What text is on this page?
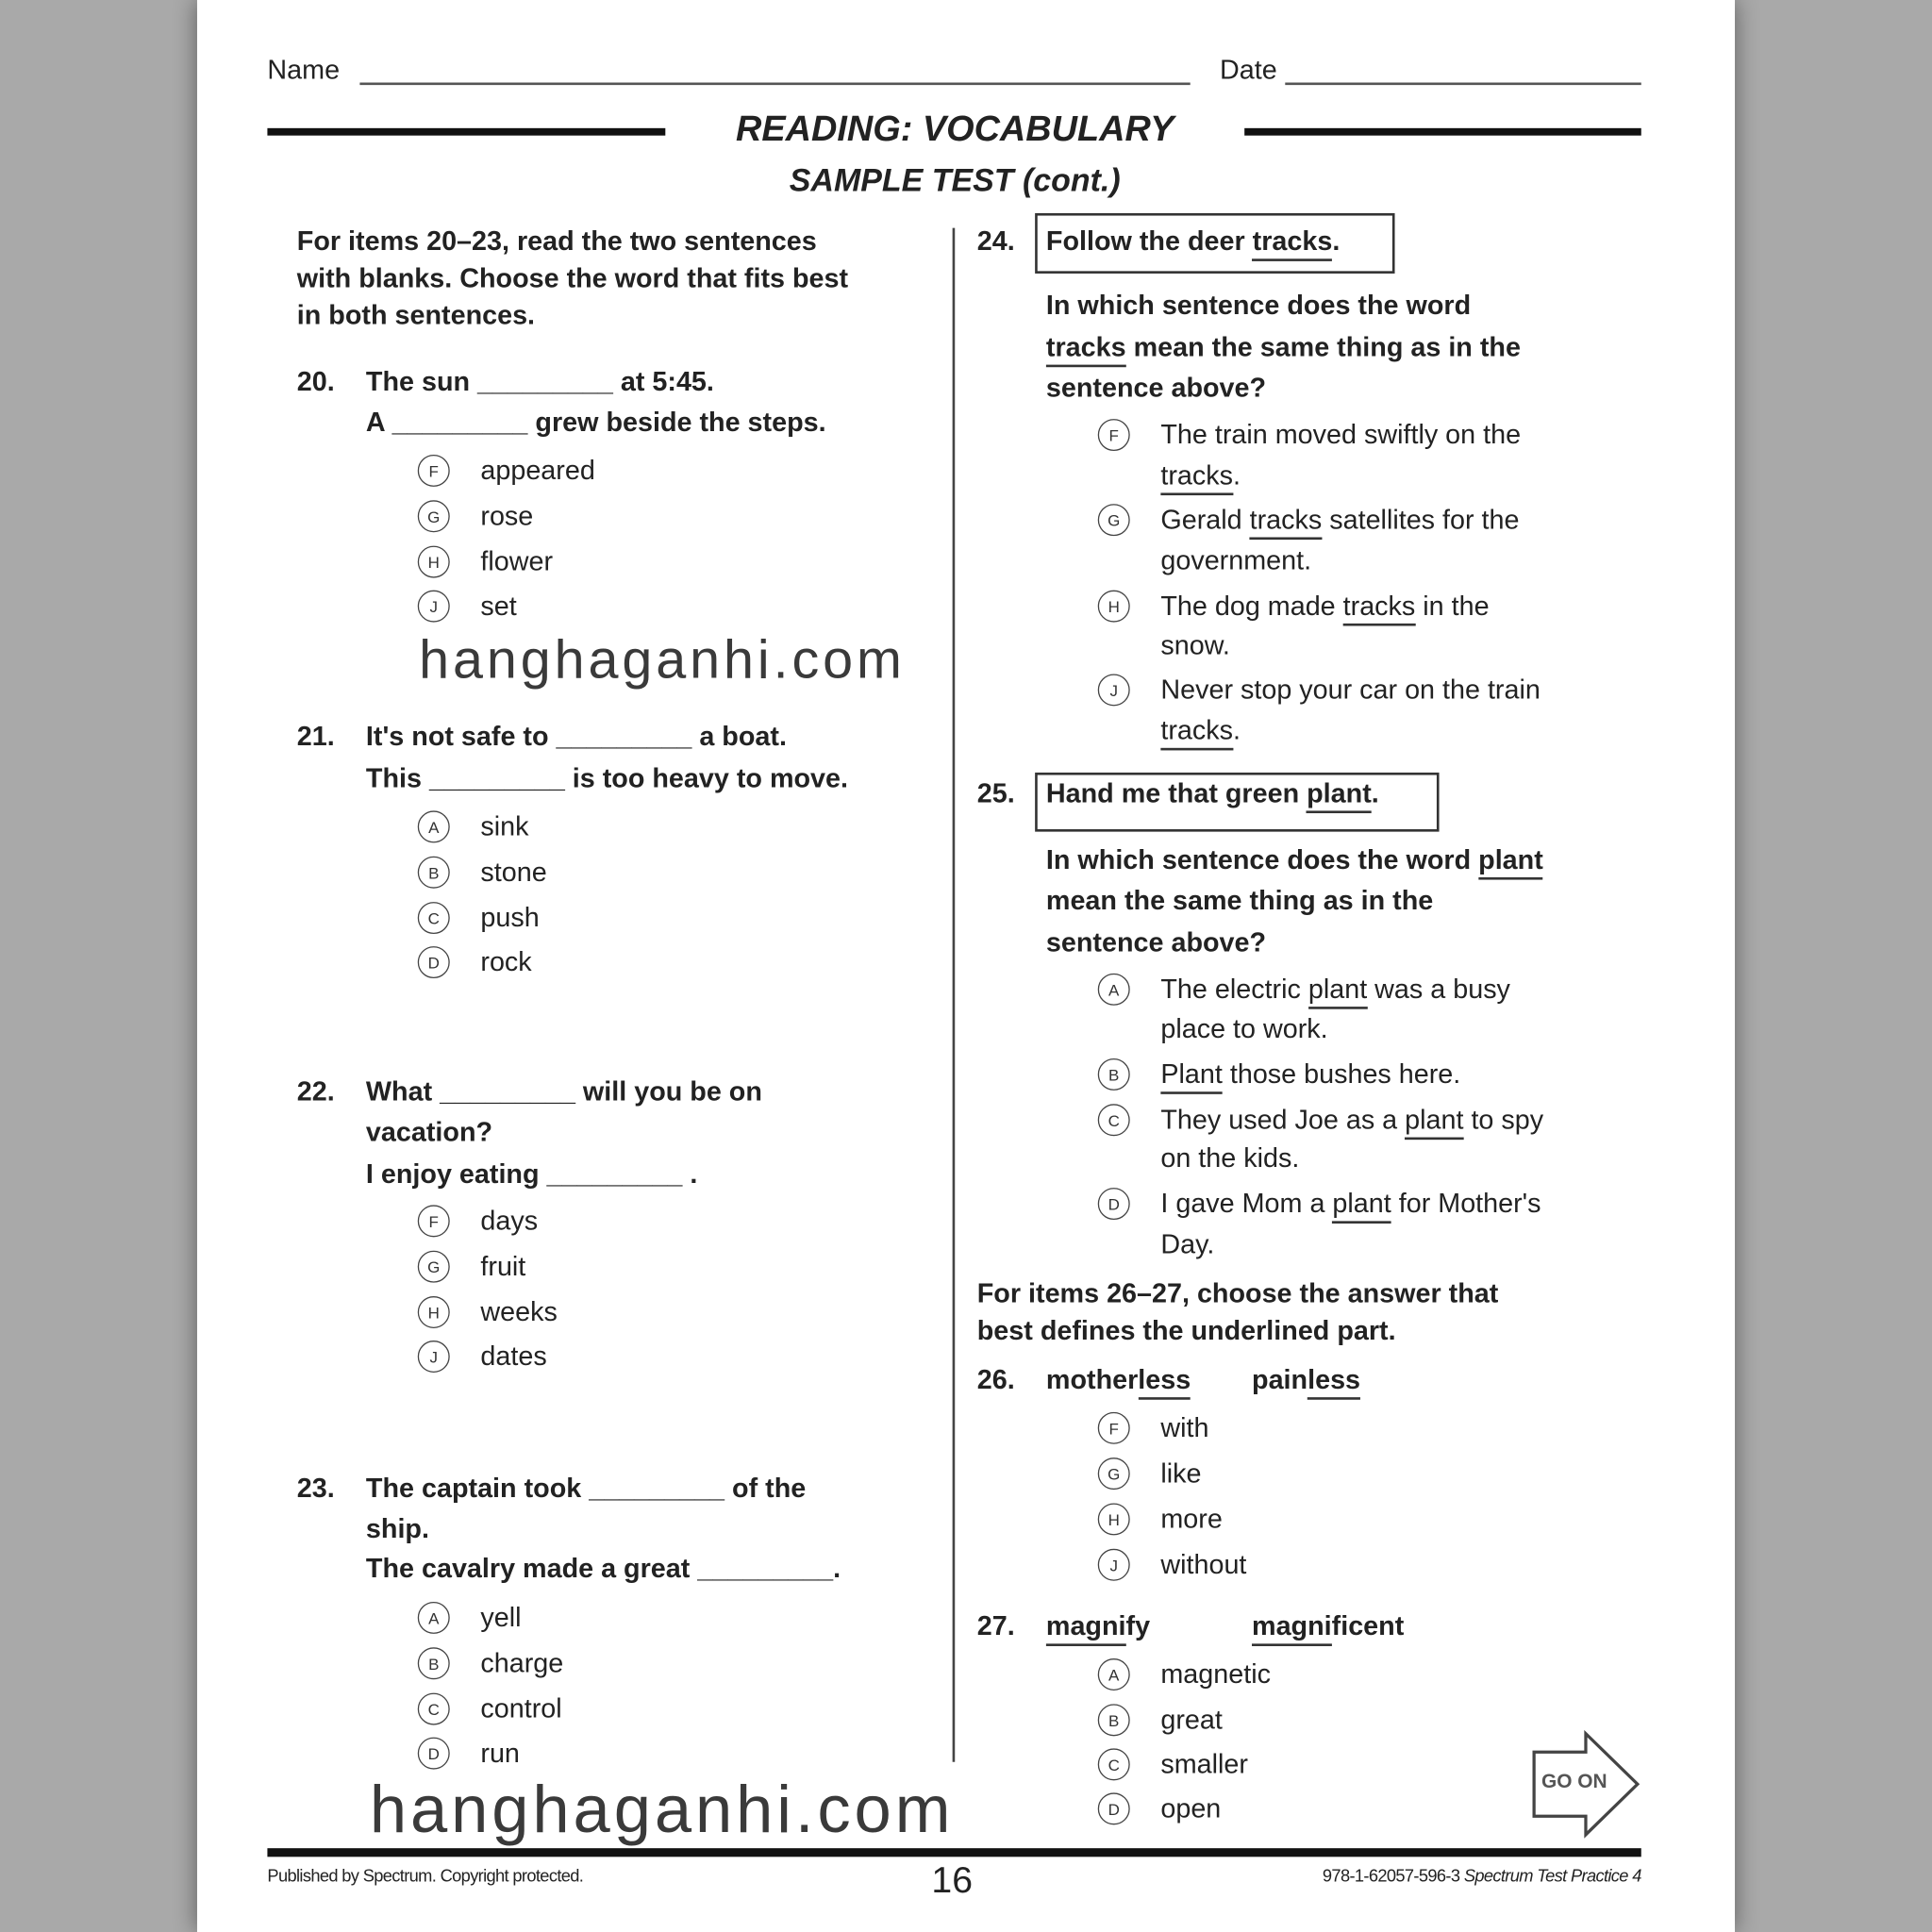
Name	Date
READING: VOCABULARY
SAMPLE TEST (cont.)
For items 20–23, read the two sentences
with blanks. Choose the word that fits best
in both sentences.
20. The sun _________ at 5:45.
A _________ grew beside the steps.
F	appeared
G	rose
H	flower
J	set
21. It's not safe to _________ a boat.
This _________ is too heavy to move.
A	sink
B	stone
C	push
D	rock
22. What _________ will you be on
vacation?
I enjoy eating _________ .
F	days
G	fruit
H	weeks
J	dates
23. The captain took _________ of the
ship.
The cavalry made a great _________.
A	yell
B	charge
C	control
D	run
24. Follow the deer tracks.
In which sentence does the word
tracks mean the same thing as in the
sentence above?
F	The train moved swiftly on the
tracks.
G	Gerald tracks satellites for the
government.
H	The dog made tracks in the
snow.
J	Never stop your car on the train
tracks.
25. Hand me that green plant.
In which sentence does the word plant
mean the same thing as in the
sentence above?
A	The electric plant was a busy
place to work.
B	Plant those bushes here.
C	They used Joe as a plant to spy
on the kids.
D	I gave Mom a plant for Mother's
Day.
For items 26–27, choose the answer that
best defines the underlined part.
26. motherless	painless
F	with
G	like
H	more
J	without
27. magnify	magnificent
A	magnetic
B	great
C	smaller
D	open
GO ON
Published by Spectrum. Copyright protected.	16	978-1-62057-596-3 Spectrum Test Practice 4
hanghaganhi.com
hanghaganhi.com
